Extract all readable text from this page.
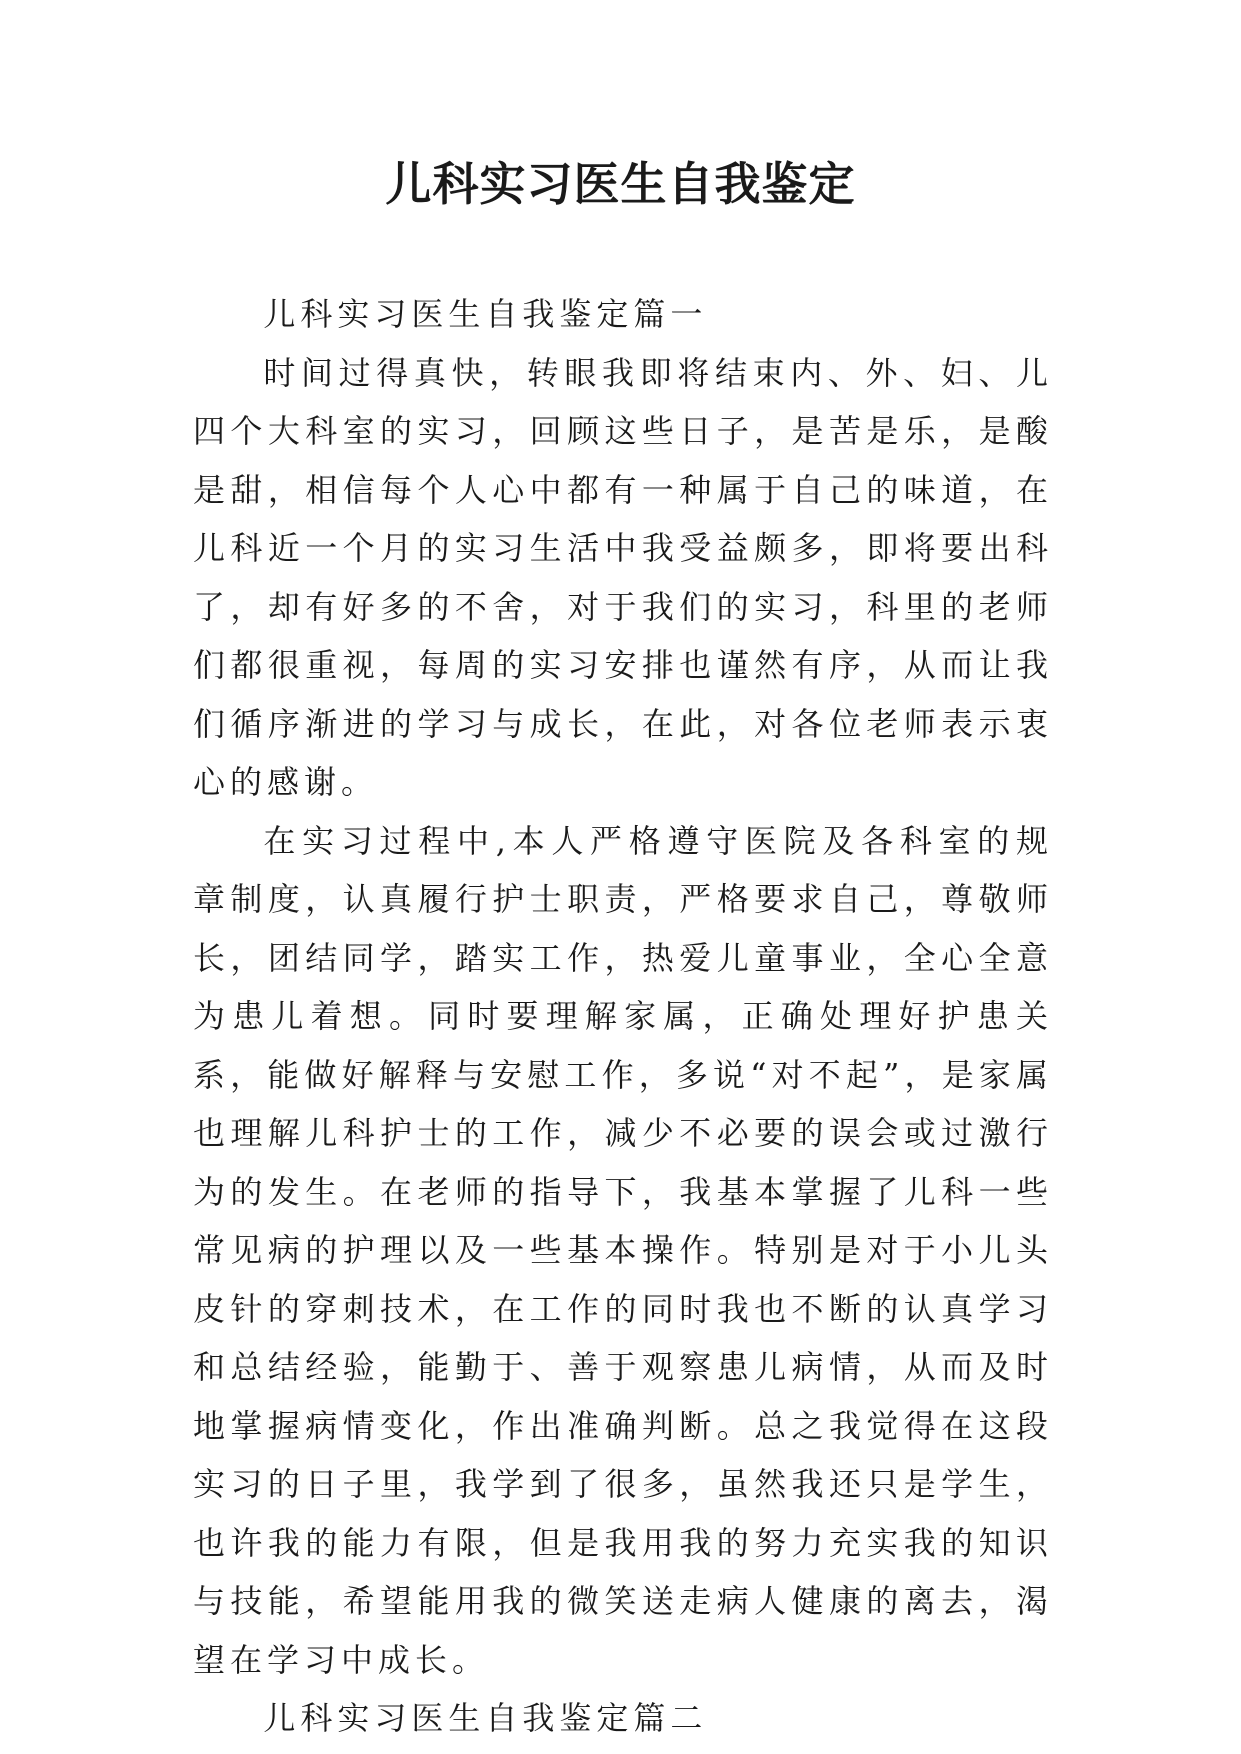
儿科实习医生自我鉴定

儿科实习医生自我鉴定篇一

时间过得真快，转眼我即将结束内、外、妇、儿四个大科室的实习，回顾这些日子，是苦是乐，是酸是甜，相信每个人心中都有一种属于自己的味道，在儿科近一个月的实习生活中我受益颇多，即将要出科了，却有好多的不舍，对于我们的实习，科里的老师们都很重视，每周的实习安排也谨然有序，从而让我们循序渐进的学习与成长，在此，对各位老师表示衷心的感谢。

在实习过程中,本人严格遵守医院及各科室的规章制度，认真履行护士职责，严格要求自己，尊敬师长，团结同学，踏实工作，热爱儿童事业，全心全意为患儿着想。同时要理解家属，正确处理好护患关系，能做好解释与安慰工作，多说“对不起”，是家属也理解儿科护士的工作，减少不必要的误会或过激行为的发生。在老师的指导下，我基本掌握了儿科一些常见病的护理以及一些基本操作。特别是对于小儿头皮针的穿刺技术，在工作的同时我也不断的认真学习和总结经验，能勤于、善于观察患儿病情，从而及时地掌握病情变化，作出准确判断。总之我觉得在这段实习的日子里，我学到了很多，虽然我还只是学生，也许我的能力有限，但是我用我的努力充实我的知识与技能，希望能用我的微笑送走病人健康的离去，渴望在学习中成长。

儿科实习医生自我鉴定篇二
